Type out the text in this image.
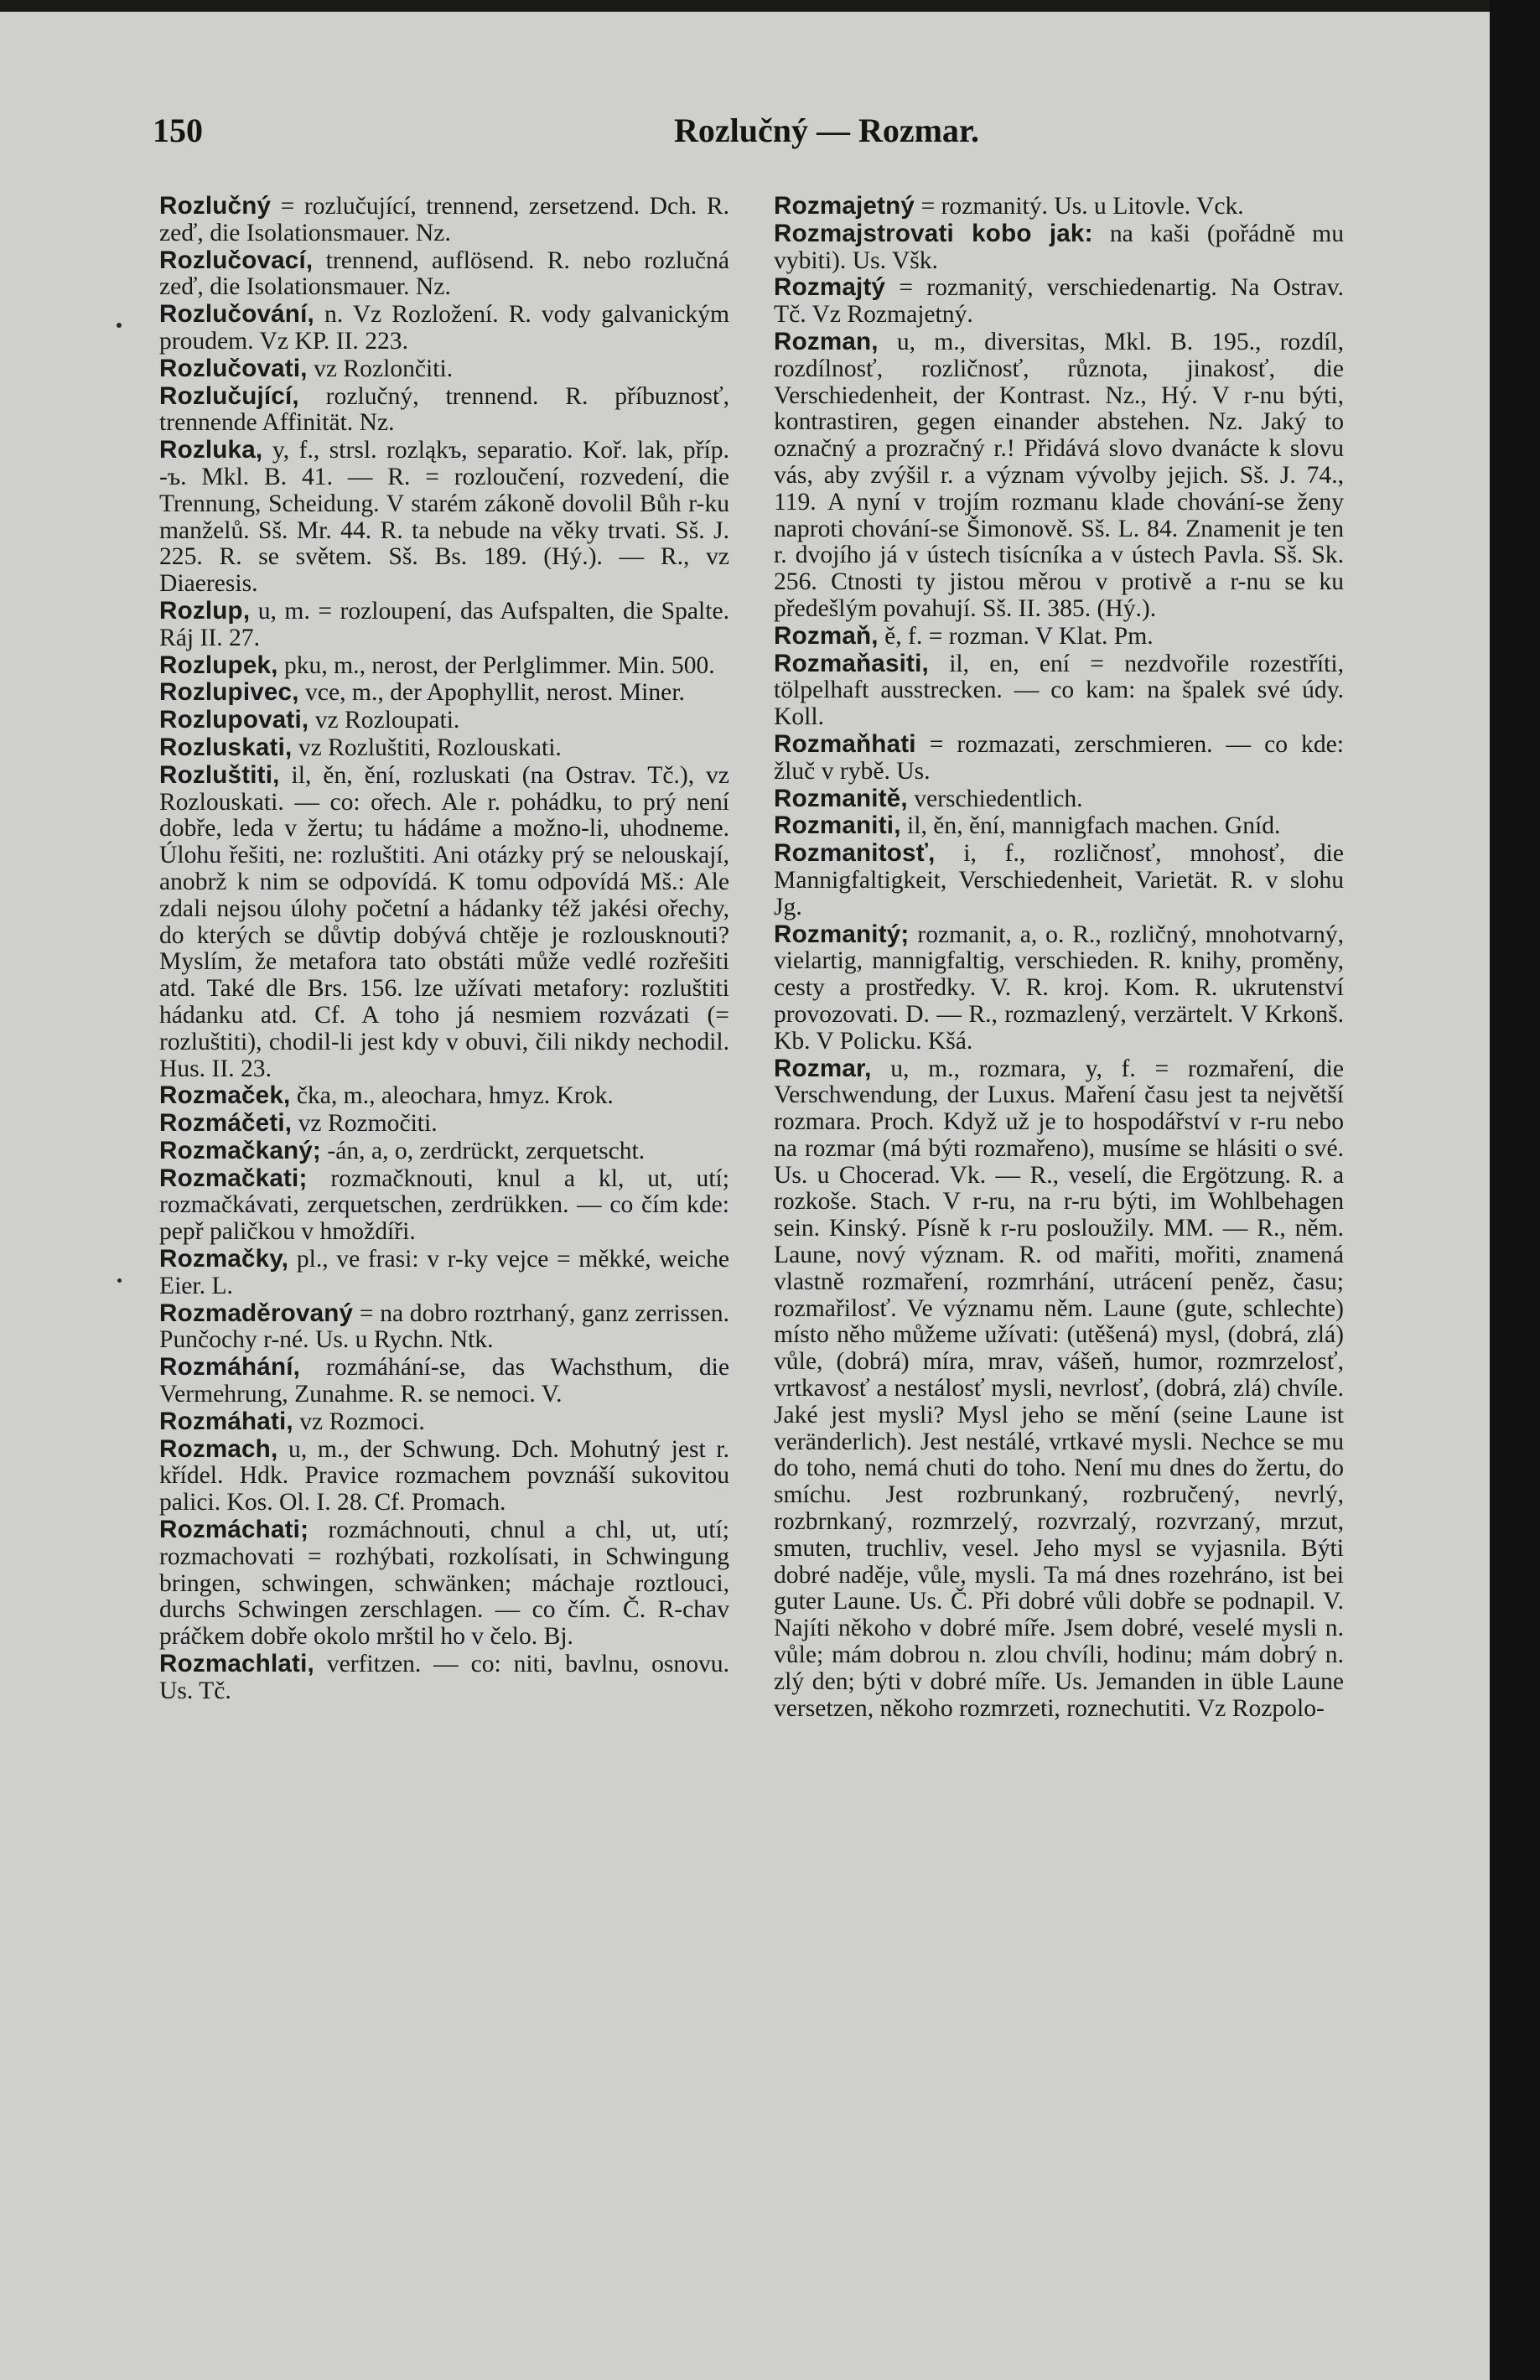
150	Rozlučný — Rozmar.

Rozlučný = rozlučující, trennend, zersetzend. Dch. R. zeď, die Isolationsmauer. Nz.

Rozlučovací, trennend, auflösend. R. nebo rozlučná zeď, die Isolationsmauer. Nz.

Rozlučování, n. Vz Rozložení. R. vody galvanickým proudem. Vz KP. II. 223.

Rozlučovati, vz Rozlončiti.

Rozlučující, rozlučný, trennend. R. příbuznosť, trennende Affinität. Nz.

Rozluka, y, f., strsl. rozląkъ, separatio. Koř. lak, příp. -ъ. Mkl. B. 41. — R. = rozloučení, rozvedení, die Trennung, Scheidung. V starém zákoně dovolil Bůh r-ku manželů. Sš. Mr. 44. R. ta nebude na věky trvati. Sš. J. 225. R. se světem. Sš. Bs. 189. (Hý.). — R., vz Diaeresis.

Rozlup, u, m. = rozloupení, das Aufspalten, die Spalte. Ráj II. 27.

Rozlupek, pku, m., nerost, der Perlglimmer. Min. 500.

Rozlupivec, vce, m., der Apophyllit, nerost. Miner.

Rozlupovati, vz Rozloupati.

Rozluskati, vz Rozluštiti, Rozlouskati.

Rozluštiti, il, ěn, ění, rozluskati (na Ostrav. Tč.), vz Rozlouskati. — co: ořech. Ale r. pohádku, to prý není dobře, leda v žertu; tu hádáme a možno-li, uhodneme. Úlohu řešiti, ne: rozluštiti. Ani otázky prý se nelouskají, anobrž k nim se odpovídá. K tomu odpovídá Mš.: Ale zdali nejsou úlohy početní a hádanky též jakési ořechy, do kterých se důvtip dobývá chtěje je rozlousknouti? Myslím, že metafora tato obstáti může vedlé rozřešiti atd. Také dle Brs. 156. lze užívati metafory: rozluštiti hádanku atd. Cf. A toho já nesmiem rozvázati (= rozluštiti), chodil-li jest kdy v obuvi, čili nikdy nechodil. Hus. II. 23.

Rozmaček, čka, m., aleochara, hmyz. Krok.

Rozmáčeti, vz Rozmočiti.

Rozmačkaný; -án, a, o, zerdrückt, zerquetscht.

Rozmačkati; rozmačknouti, knul a kl, ut, utí; rozmačkávati, zerquetschen, zerdrükken. — co čím kde: pepř paličkou v hmoždíři.

Rozmačky, pl., ve frasi: v r-ky vejce = měkké, weiche Eier. L.

Rozmaděrovaný = na dobro roztrhaný, ganz zerrissen. Punčochy r-né. Us. u Rychn. Ntk.

Rozmáhání, rozmáhání-se, das Wachsthum, die Vermehrung, Zunahme. R. se nemoci. V.

Rozmáhati, vz Rozmoci.

Rozmach, u, m., der Schwung. Dch. Mohutný jest r. křídel. Hdk. Pravice rozmachem povznáší sukovitou palici. Kos. Ol. I. 28. Cf. Promach.

Rozmáchati; rozmáchnouti, chnul a chl, ut, utí; rozmachovati = rozhýbati, rozkolísati, in Schwingung bringen, schwingen, schwänken; máchaje roztlouci, durchs Schwingen zerschlagen. — co čím. Č. R-chav práčkem dobře okolo mrštil ho v čelo. Bj.

Rozmachlati, verfitzen. — co: niti, bavlnu, osnovu. Us. Tč.

Rozmajetný = rozmanitý. Us. u Litovle. Vck.

Rozmajstrovati kobo jak: na kaši (pořádně mu vybiti). Us. Všk.

Rozmajtý = rozmanitý, verschiedenartig. Na Ostrav. Tč. Vz Rozmajetný.

Rozman, u, m., diversitas, Mkl. B. 195., rozdíl, rozdílnosť, rozličnosť, různota, jinakosť, die Verschiedenheit, der Kontrast. Nz., Hý. V r-nu býti, kontrastiren, gegen einander abstehen. Nz. Jaký to označný a prozračný r.! Přidává slovo dvanácte k slovu vás, aby zvýšil r. a význam vývolby jejich. Sš. J. 74., 119. A nyní v trojím rozmanu klade chování-se ženy naproti chování-se Šimonově. Sš. L. 84. Znamenit je ten r. dvojího já v ústech tisícníka a v ústech Pavla. Sš. Sk. 256. Ctnosti ty jistou měrou v protivě a r-nu se ku předešlým povahují. Sš. II. 385. (Hý.).

Rozmaň, ě, f. = rozman. V Klat. Pm.

Rozmaňasiti, il, en, ení = nezdvořile rozestříti, tölpelhaft ausstrecken. — co kam: na špalek své údy. Koll.

Rozmaňhati = rozmazati, zerschmieren. — co kde: žluč v rybě. Us.

Rozmanitě, verschiedentlich.

Rozmaniti, il, ěn, ění, mannigfach machen. Gníd.

Rozmanitosť, i, f., rozličnosť, mnohosť, die Mannigfaltigkeit, Verschiedenheit, Varietät. R. v slohu Jg.

Rozmanitý; rozmanit, a, o. R., rozličný, mnohotvarný, vielartig, mannigfaltig, verschieden. R. knihy, proměny, cesty a prostředky. V. R. kroj. Kom. R. ukrutenství provozovati. D. — R., rozmazlený, verzärtelt. V Krkonš. Kb. V Policku. Kšá.

Rozmar, u, m., rozmara, y, f. = rozmaření, die Verschwendung, der Luxus. Maření času jest ta největší rozmara. Proch. Když už je to hospodářství v r-ru nebo na rozmar (má býti rozmařeno), musíme se hlásiti o své. Us. u Chocerad. Vk. — R., veselí, die Ergötzung. R. a rozkoše. Stach. V r-ru, na r-ru býti, im Wohlbehagen sein. Kinský. Písně k r-ru posloužily. MM. — R., něm. Laune, nový význam. R. od mařiti, mořiti, znamená vlastně rozmaření, rozmrhání, utrácení peněz, času; rozmařilosť. Ve významu něm. Laune (gute, schlechte) místo něho můžeme užívati: (utěšená) mysl, (dobrá, zlá) vůle, (dobrá) míra, mrav, vášeň, humor, rozmrzelosť, vrtkavosť a nestálosť mysli, nevrlosť, (dobrá, zlá) chvíle. Jaké jest mysli? Mysl jeho se mění (seine Laune ist veränderlich). Jest nestálé, vrtkavé mysli. Nechce se mu do toho, nemá chuti do toho. Není mu dnes do žertu, do smíchu. Jest rozbrunkaný, rozbručený, nevrlý, rozbrnkaný, rozmrzelý, rozvrzalý, rozvrzaný, mrzut, smuten, truchliv, vesel. Jeho mysl se vyjasnila. Býti dobré naděje, vůle, mysli. Ta má dnes rozehráno, ist bei guter Laune. Us. Č. Při dobré vůli dobře se podnapil. V. Najíti někoho v dobré míře. Jsem dobré, veselé mysli n. vůle; mám dobrou n. zlou chvíli, hodinu; mám dobrý n. zlý den; býti v dobré míře. Us. Jemanden in üble Laune versetzen, někoho rozmrzeti, roznechutiti. Vz Rozpolo-
